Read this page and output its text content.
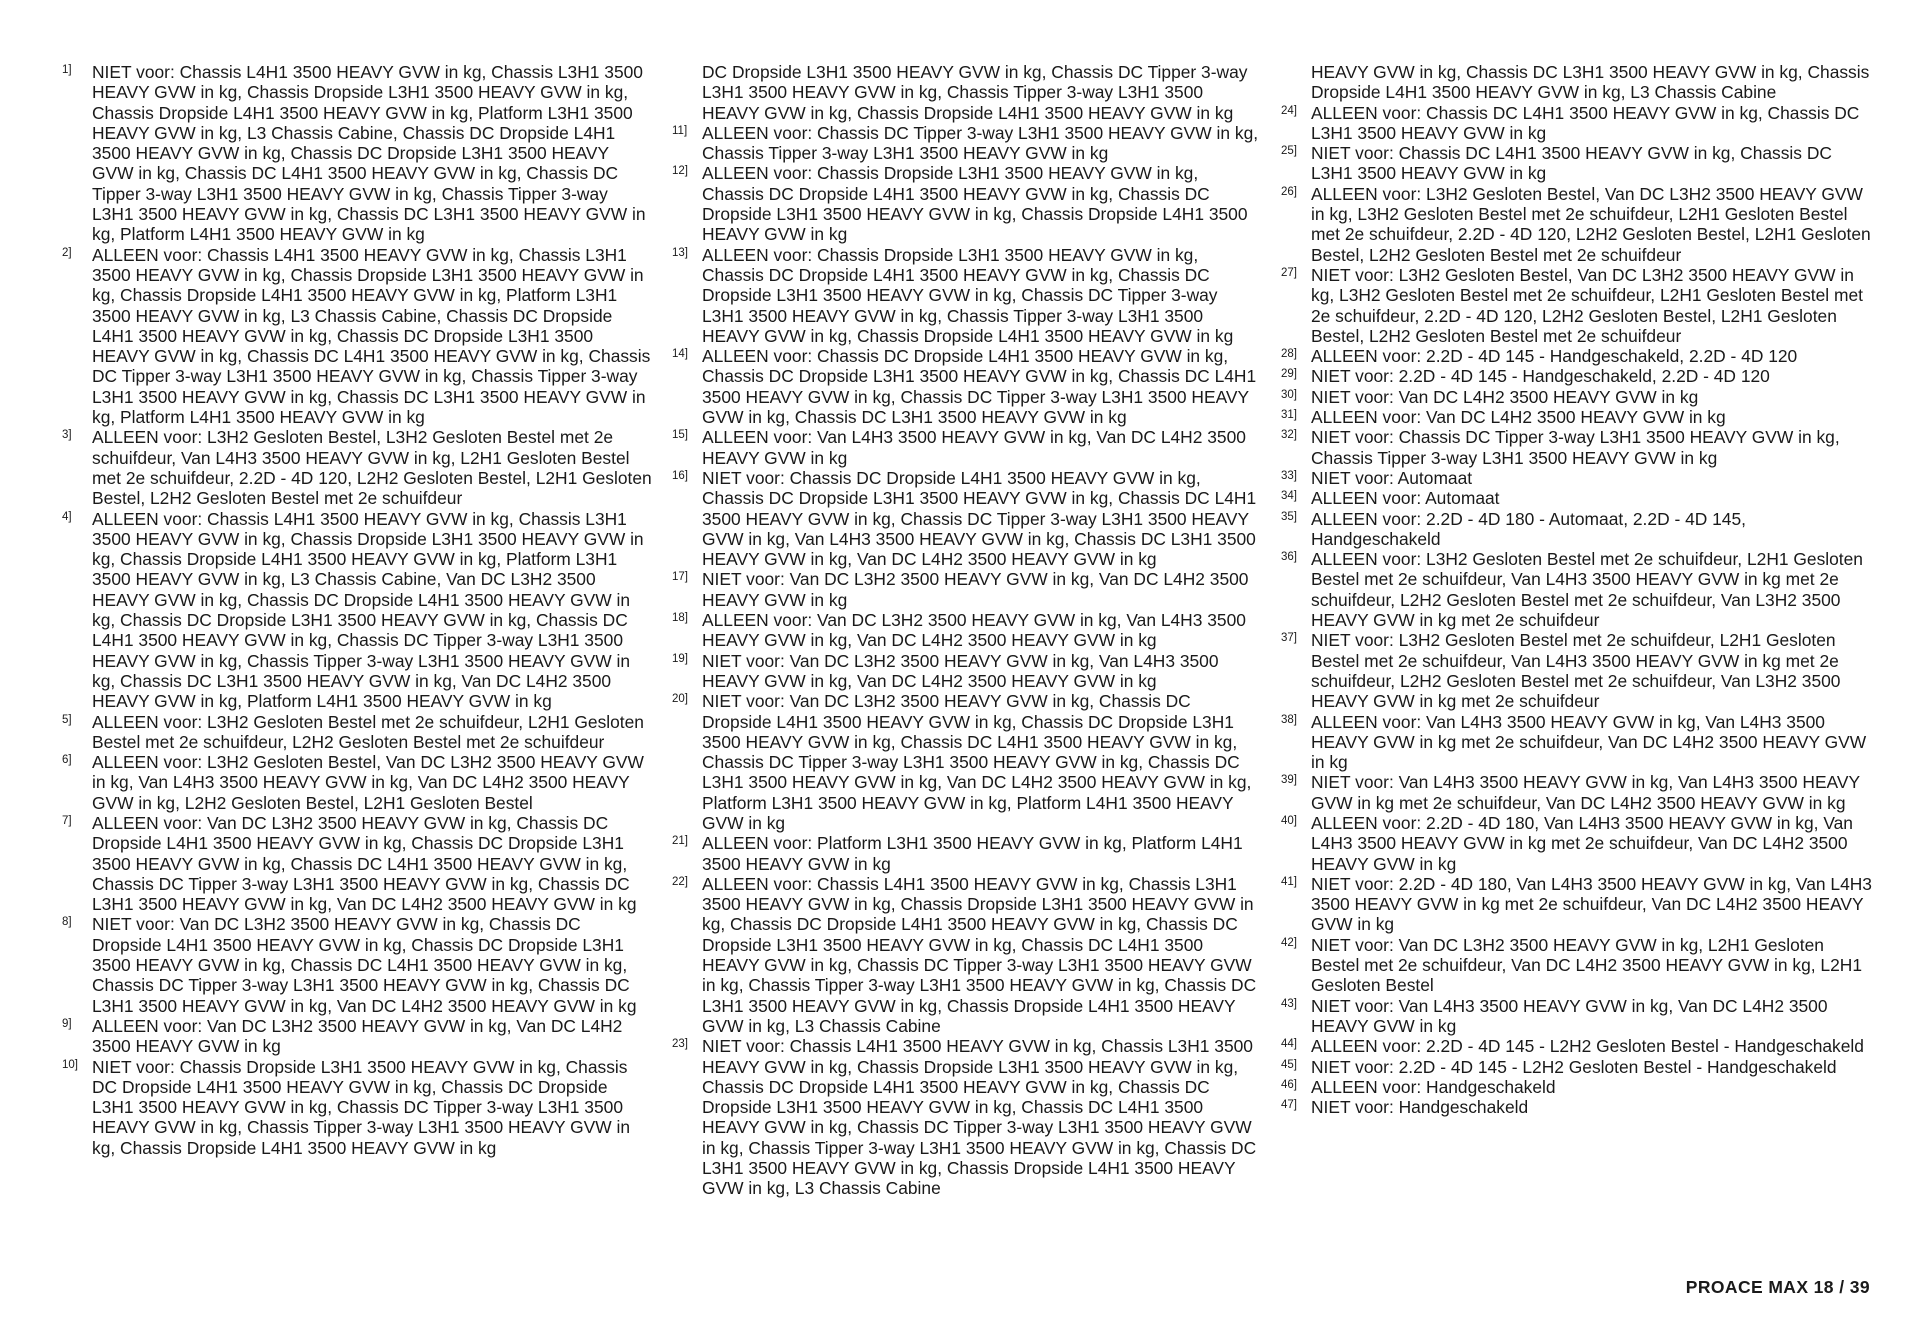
1]	NIET voor: Chassis L4H1 3500 HEAVY GVW in kg, Chassis L3H1 3500 HEAVY GVW in kg, Chassis Dropside L3H1 3500 HEAVY GVW in kg, Chassis Dropside L4H1 3500 HEAVY GVW in kg, Platform L3H1 3500 HEAVY GVW in kg, L3 Chassis Cabine, Chassis DC Dropside L4H1 3500 HEAVY GVW in kg, Chassis DC Dropside L3H1 3500 HEAVY GVW in kg, Chassis DC L4H1 3500 HEAVY GVW in kg, Chassis DC Tipper 3-way L3H1 3500 HEAVY GVW in kg, Chassis Tipper 3-way L3H1 3500 HEAVY GVW in kg, Chassis DC L3H1 3500 HEAVY GVW in kg, Platform L4H1 3500 HEAVY GVW in kg
2]	ALLEEN voor: Chassis L4H1 3500 HEAVY GVW in kg, Chassis L3H1 3500 HEAVY GVW in kg, Chassis Dropside L3H1 3500 HEAVY GVW in kg, Chassis Dropside L4H1 3500 HEAVY GVW in kg, Platform L3H1 3500 HEAVY GVW in kg, L3 Chassis Cabine, Chassis DC Dropside L4H1 3500 HEAVY GVW in kg, Chassis DC Dropside L3H1 3500 HEAVY GVW in kg, Chassis DC L4H1 3500 HEAVY GVW in kg, Chassis DC Tipper 3-way L3H1 3500 HEAVY GVW in kg, Chassis Tipper 3-way L3H1 3500 HEAVY GVW in kg, Chassis DC L3H1 3500 HEAVY GVW in kg, Platform L4H1 3500 HEAVY GVW in kg
3]	ALLEEN voor: L3H2 Gesloten Bestel, L3H2 Gesloten Bestel met 2e schuifdeur, Van L4H3 3500 HEAVY GVW in kg, L2H1 Gesloten Bestel met 2e schuifdeur, 2.2D - 4D 120, L2H2 Gesloten Bestel, L2H1 Gesloten Bestel, L2H2 Gesloten Bestel met 2e schuifdeur
4]	ALLEEN voor: Chassis L4H1 3500 HEAVY GVW in kg, Chassis L3H1 3500 HEAVY GVW in kg, Chassis Dropside L3H1 3500 HEAVY GVW in kg, Chassis Dropside L4H1 3500 HEAVY GVW in kg, Platform L3H1 3500 HEAVY GVW in kg, L3 Chassis Cabine, Van DC L3H2 3500 HEAVY GVW in kg, Chassis DC Dropside L4H1 3500 HEAVY GVW in kg, Chassis DC Dropside L3H1 3500 HEAVY GVW in kg, Chassis DC L4H1 3500 HEAVY GVW in kg, Chassis DC Tipper 3-way L3H1 3500 HEAVY GVW in kg, Chassis Tipper 3-way L3H1 3500 HEAVY GVW in kg, Chassis DC L3H1 3500 HEAVY GVW in kg, Van DC L4H2 3500 HEAVY GVW in kg, Platform L4H1 3500 HEAVY GVW in kg
5]	ALLEEN voor: L3H2 Gesloten Bestel met 2e schuifdeur, L2H1 Gesloten Bestel met 2e schuifdeur, L2H2 Gesloten Bestel met 2e schuifdeur
6]	ALLEEN voor: L3H2 Gesloten Bestel, Van DC L3H2 3500 HEAVY GVW in kg, Van L4H3 3500 HEAVY GVW in kg, Van DC L4H2 3500 HEAVY GVW in kg, L2H2 Gesloten Bestel, L2H1 Gesloten Bestel
7]	ALLEEN voor: Van DC L3H2 3500 HEAVY GVW in kg, Chassis DC Dropside L4H1 3500 HEAVY GVW in kg, Chassis DC Dropside L3H1 3500 HEAVY GVW in kg, Chassis DC L4H1 3500 HEAVY GVW in kg, Chassis DC Tipper 3-way L3H1 3500 HEAVY GVW in kg, Chassis DC L3H1 3500 HEAVY GVW in kg, Van DC L4H2 3500 HEAVY GVW in kg
8]	NIET voor: Van DC L3H2 3500 HEAVY GVW in kg, Chassis DC Dropside L4H1 3500 HEAVY GVW in kg, Chassis DC Dropside L3H1 3500 HEAVY GVW in kg, Chassis DC L4H1 3500 HEAVY GVW in kg, Chassis DC Tipper 3-way L3H1 3500 HEAVY GVW in kg, Chassis DC L3H1 3500 HEAVY GVW in kg, Van DC L4H2 3500 HEAVY GVW in kg
9]	ALLEEN voor: Van DC L3H2 3500 HEAVY GVW in kg, Van DC L4H2 3500 HEAVY GVW in kg
10] NIET voor: Chassis Dropside L3H1 3500 HEAVY GVW in kg, Chassis DC Dropside L4H1 3500 HEAVY GVW in kg, Chassis DC Dropside L3H1 3500 HEAVY GVW in kg, Chassis DC Tipper 3-way L3H1 3500 HEAVY GVW in kg, Chassis Tipper 3-way L3H1 3500 HEAVY GVW in kg, Chassis Dropside L4H1 3500 HEAVY GVW in kg
DC Dropside L3H1 3500 HEAVY GVW in kg, Chassis DC Tipper 3-way L3H1 3500 HEAVY GVW in kg, Chassis Tipper 3-way L3H1 3500 HEAVY GVW in kg, Chassis Dropside L4H1 3500 HEAVY GVW in kg
11] ALLEEN voor: Chassis DC Tipper 3-way L3H1 3500 HEAVY GVW in kg, Chassis Tipper 3-way L3H1 3500 HEAVY GVW in kg
12] ALLEEN voor: Chassis Dropside L3H1 3500 HEAVY GVW in kg, Chassis DC Dropside L4H1 3500 HEAVY GVW in kg, Chassis DC Dropside L3H1 3500 HEAVY GVW in kg, Chassis Dropside L4H1 3500 HEAVY GVW in kg
13] ALLEEN voor: Chassis Dropside L3H1 3500 HEAVY GVW in kg, Chassis DC Dropside L4H1 3500 HEAVY GVW in kg, Chassis DC Dropside L3H1 3500 HEAVY GVW in kg, Chassis DC Tipper 3-way L3H1 3500 HEAVY GVW in kg, Chassis Tipper 3-way L3H1 3500 HEAVY GVW in kg, Chassis Dropside L4H1 3500 HEAVY GVW in kg
14] ALLEEN voor: Chassis DC Dropside L4H1 3500 HEAVY GVW in kg, Chassis DC Dropside L3H1 3500 HEAVY GVW in kg, Chassis DC L4H1 3500 HEAVY GVW in kg, Chassis DC Tipper 3-way L3H1 3500 HEAVY GVW in kg, Chassis DC L3H1 3500 HEAVY GVW in kg
15] ALLEEN voor: Van L4H3 3500 HEAVY GVW in kg, Van DC L4H2 3500 HEAVY GVW in kg
16] NIET voor: Chassis DC Dropside L4H1 3500 HEAVY GVW in kg, Chassis DC Dropside L3H1 3500 HEAVY GVW in kg, Chassis DC L4H1 3500 HEAVY GVW in kg, Chassis DC Tipper 3-way L3H1 3500 HEAVY GVW in kg, Van L4H3 3500 HEAVY GVW in kg, Chassis DC L3H1 3500 HEAVY GVW in kg, Van DC L4H2 3500 HEAVY GVW in kg
17] NIET voor: Van DC L3H2 3500 HEAVY GVW in kg, Van DC L4H2 3500 HEAVY GVW in kg
18] ALLEEN voor: Van DC L3H2 3500 HEAVY GVW in kg, Van L4H3 3500 HEAVY GVW in kg, Van DC L4H2 3500 HEAVY GVW in kg
19] NIET voor: Van DC L3H2 3500 HEAVY GVW in kg, Van L4H3 3500 HEAVY GVW in kg, Van DC L4H2 3500 HEAVY GVW in kg
20] NIET voor: Van DC L3H2 3500 HEAVY GVW in kg, Chassis DC Dropside L4H1 3500 HEAVY GVW in kg, Chassis DC Dropside L3H1 3500 HEAVY GVW in kg, Chassis DC L4H1 3500 HEAVY GVW in kg, Chassis DC Tipper 3-way L3H1 3500 HEAVY GVW in kg, Chassis DC L3H1 3500 HEAVY GVW in kg, Van DC L4H2 3500 HEAVY GVW in kg, Platform L3H1 3500 HEAVY GVW in kg, Platform L4H1 3500 HEAVY GVW in kg
21] ALLEEN voor: Platform L3H1 3500 HEAVY GVW in kg, Platform L4H1 3500 HEAVY GVW in kg
22] ALLEEN voor: Chassis L4H1 3500 HEAVY GVW in kg, Chassis L3H1 3500 HEAVY GVW in kg, Chassis Dropside L3H1 3500 HEAVY GVW in kg, Chassis DC Dropside L4H1 3500 HEAVY GVW in kg, Chassis DC Dropside L3H1 3500 HEAVY GVW in kg, Chassis DC L4H1 3500 HEAVY GVW in kg, Chassis DC Tipper 3-way L3H1 3500 HEAVY GVW in kg, Chassis Tipper 3-way L3H1 3500 HEAVY GVW in kg, Chassis DC L3H1 3500 HEAVY GVW in kg, Chassis Dropside L4H1 3500 HEAVY GVW in kg, L3 Chassis Cabine
23] NIET voor: Chassis L4H1 3500 HEAVY GVW in kg, Chassis L3H1 3500 HEAVY GVW in kg, Chassis Dropside L3H1 3500 HEAVY GVW in kg, Chassis DC Dropside L4H1 3500 HEAVY GVW in kg, Chassis DC Dropside L3H1 3500 HEAVY GVW in kg, Chassis DC L4H1 3500 HEAVY GVW in kg, Chassis DC Tipper 3-way L3H1 3500 HEAVY GVW in kg, Chassis Tipper 3-way L3H1 3500 HEAVY GVW in kg, Chassis DC L3H1 3500 HEAVY GVW in kg, Chassis Dropside L4H1 3500 HEAVY GVW in kg, L3 Chassis Cabine
HEAVY GVW in kg, Chassis DC L3H1 3500 HEAVY GVW in kg, Chassis Dropside L4H1 3500 HEAVY GVW in kg, L3 Chassis Cabine
24] ALLEEN voor: Chassis DC L4H1 3500 HEAVY GVW in kg, Chassis DC L3H1 3500 HEAVY GVW in kg
25] NIET voor: Chassis DC L4H1 3500 HEAVY GVW in kg, Chassis DC L3H1 3500 HEAVY GVW in kg
26] ALLEEN voor: L3H2 Gesloten Bestel, Van DC L3H2 3500 HEAVY GVW in kg, L3H2 Gesloten Bestel met 2e schuifdeur, L2H1 Gesloten Bestel met 2e schuifdeur, 2.2D - 4D 120, L2H2 Gesloten Bestel, L2H1 Gesloten Bestel, L2H2 Gesloten Bestel met 2e schuifdeur
27] NIET voor: L3H2 Gesloten Bestel, Van DC L3H2 3500 HEAVY GVW in kg, L3H2 Gesloten Bestel met 2e schuifdeur, L2H1 Gesloten Bestel met 2e schuifdeur, 2.2D - 4D 120, L2H2 Gesloten Bestel, L2H1 Gesloten Bestel, L2H2 Gesloten Bestel met 2e schuifdeur
28] ALLEEN voor: 2.2D - 4D 145 - Handgeschakeld, 2.2D - 4D 120
29] NIET voor: 2.2D - 4D 145 - Handgeschakeld, 2.2D - 4D 120
30] NIET voor: Van DC L4H2 3500 HEAVY GVW in kg
31] ALLEEN voor: Van DC L4H2 3500 HEAVY GVW in kg
32] NIET voor: Chassis DC Tipper 3-way L3H1 3500 HEAVY GVW in kg, Chassis Tipper 3-way L3H1 3500 HEAVY GVW in kg
33] NIET voor: Automaat
34] ALLEEN voor: Automaat
35] ALLEEN voor: 2.2D - 4D 180 - Automaat, 2.2D - 4D 145, Handgeschakeld
36] ALLEEN voor: L3H2 Gesloten Bestel met 2e schuifdeur, L2H1 Gesloten Bestel met 2e schuifdeur, Van L4H3 3500 HEAVY GVW in kg met 2e schuifdeur, L2H2 Gesloten Bestel met 2e schuifdeur, Van L3H2 3500 HEAVY GVW in kg met 2e schuifdeur
37] NIET voor: L3H2 Gesloten Bestel met 2e schuifdeur, L2H1 Gesloten Bestel met 2e schuifdeur, Van L4H3 3500 HEAVY GVW in kg met 2e schuifdeur, L2H2 Gesloten Bestel met 2e schuifdeur, Van L3H2 3500 HEAVY GVW in kg met 2e schuifdeur
38] ALLEEN voor: Van L4H3 3500 HEAVY GVW in kg, Van L4H3 3500 HEAVY GVW in kg met 2e schuifdeur, Van DC L4H2 3500 HEAVY GVW in kg
39] NIET voor: Van L4H3 3500 HEAVY GVW in kg, Van L4H3 3500 HEAVY GVW in kg met 2e schuifdeur, Van DC L4H2 3500 HEAVY GVW in kg
40] ALLEEN voor: 2.2D - 4D 180, Van L4H3 3500 HEAVY GVW in kg, Van L4H3 3500 HEAVY GVW in kg met 2e schuifdeur, Van DC L4H2 3500 HEAVY GVW in kg
41] NIET voor: 2.2D - 4D 180, Van L4H3 3500 HEAVY GVW in kg, Van L4H3 3500 HEAVY GVW in kg met 2e schuifdeur, Van DC L4H2 3500 HEAVY GVW in kg
42] NIET voor: Van DC L3H2 3500 HEAVY GVW in kg, L2H1 Gesloten Bestel met 2e schuifdeur, Van DC L4H2 3500 HEAVY GVW in kg, L2H1 Gesloten Bestel
43] NIET voor: Van L4H3 3500 HEAVY GVW in kg, Van DC L4H2 3500 HEAVY GVW in kg
44] ALLEEN voor: 2.2D - 4D 145 - L2H2 Gesloten Bestel - Handgeschakeld
45] NIET voor: 2.2D - 4D 145 - L2H2 Gesloten Bestel - Handgeschakeld
46] ALLEEN voor: Handgeschakeld
47] NIET voor: Handgeschakeld
PROACE MAX 18 / 39
